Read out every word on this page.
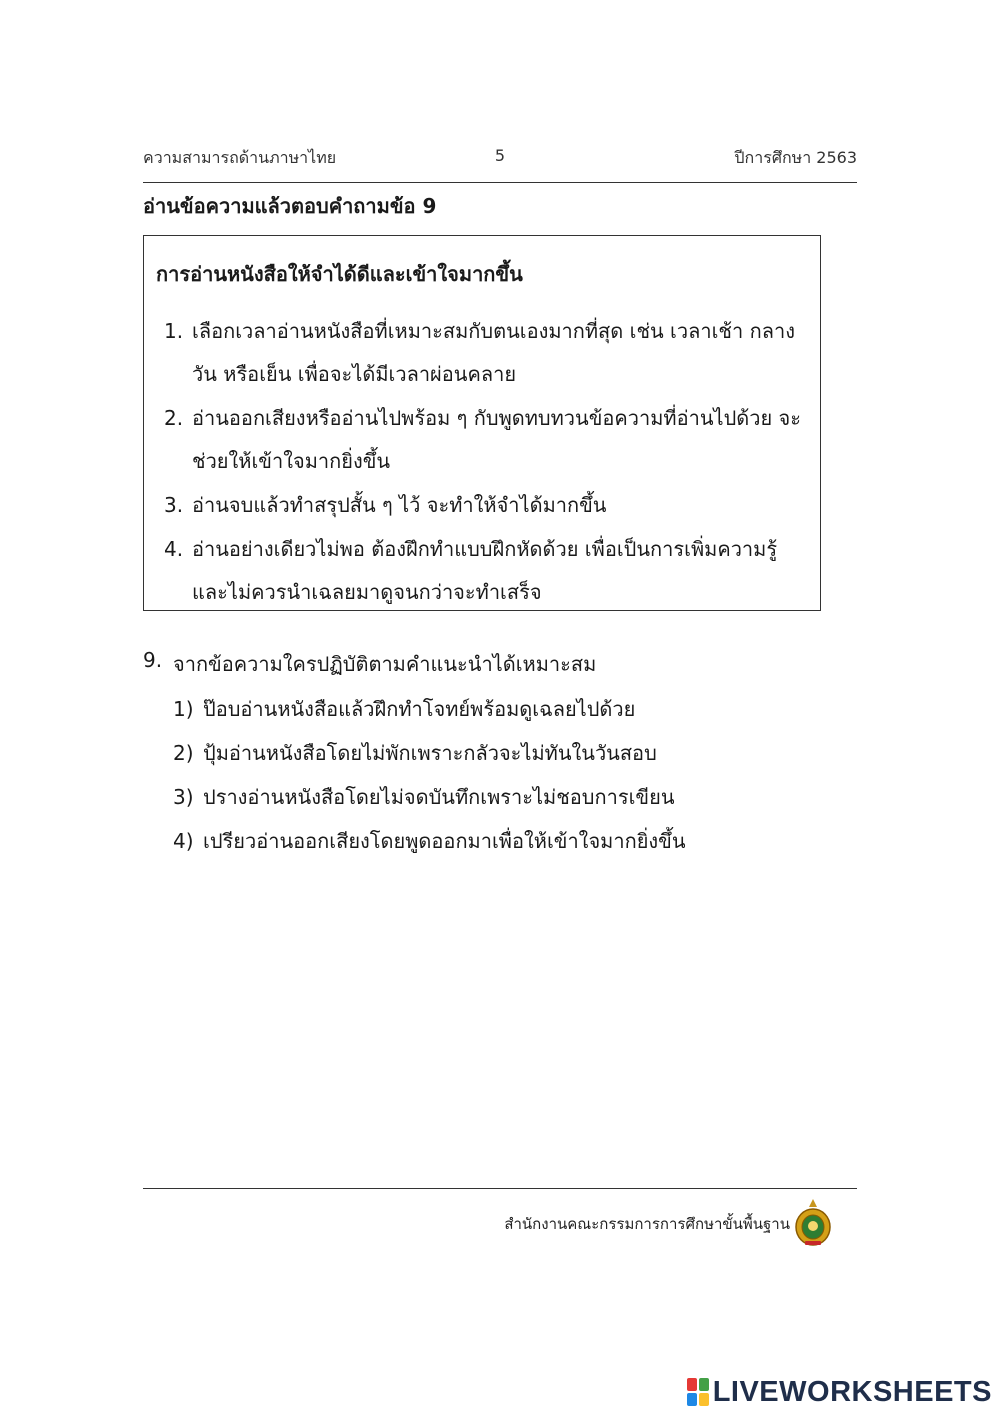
ความสามารถด้านภาษาไทย	5	ปีการศึกษา 2563
อ่านข้อความแล้วตอบคำถามข้อ 9
การอ่านหนังสือให้จำได้ดีและเข้าใจมากขึ้น
1. เลือกเวลาอ่านหนังสือที่เหมาะสมกับตนเองมากที่สุด เช่น เวลาเช้า กลางวัน หรือเย็น เพื่อจะได้มีเวลาผ่อนคลาย
2. อ่านออกเสียงหรืออ่านไปพร้อม ๆ กับพูดทบทวนข้อความที่อ่านไปด้วย จะช่วยให้เข้าใจมากยิ่งขึ้น
3. อ่านจบแล้วทำสรุปสั้น ๆ ไว้ จะทำให้จำได้มากขึ้น
4. อ่านอย่างเดียวไม่พอ ต้องฝึกทำแบบฝึกหัดด้วย เพื่อเป็นการเพิ่มความรู้ และไม่ควรนำเฉลยมาดูจนกว่าจะทำเสร็จ
9. จากข้อความใครปฏิบัติตามคำแนะนำได้เหมาะสม
1) ป๊อบอ่านหนังสือแล้วฝึกทำโจทย์พร้อมดูเฉลยไปด้วย
2) ปุ้มอ่านหนังสือโดยไม่พักเพราะกลัวจะไม่ทันในวันสอบ
3) ปรางอ่านหนังสือโดยไม่จดบันทึกเพราะไม่ชอบการเขียน
4) เปรียวอ่านออกเสียงโดยพูดออกมาเพื่อให้เข้าใจมากยิ่งขึ้น
สำนักงานคณะกรรมการการศึกษาขั้นพื้นฐาน
LIVEWORKSHEETS
